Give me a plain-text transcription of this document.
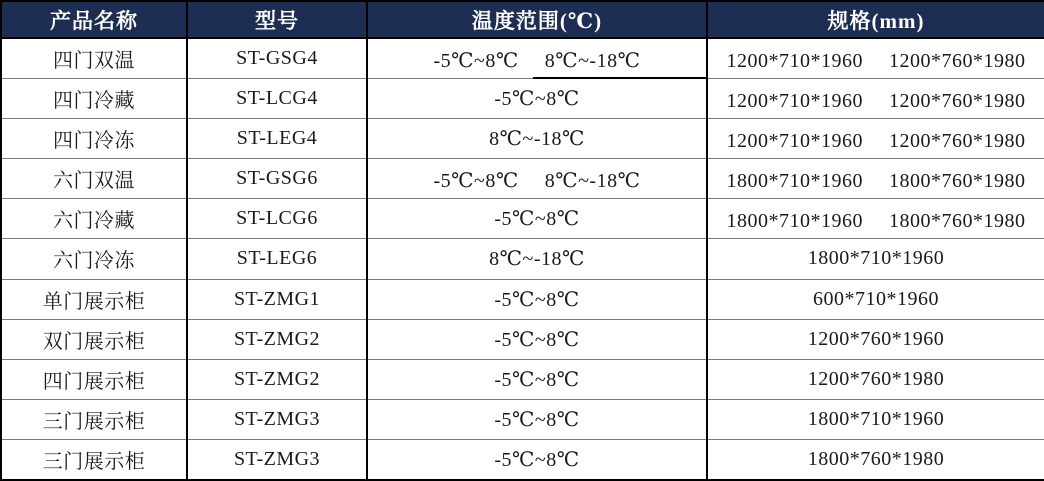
产品名称	型号	温度范围(℃)	规格(mm)
四门双温	ST-GSG4	-5℃~8℃　 8℃~-18℃	1200*710*1960　 1200*760*1980
四门冷藏	ST-LCG4	-5℃~8℃	1200*710*1960　 1200*760*1980
四门冷冻	ST-LEG4	8℃~-18℃	1200*710*1960　 1200*760*1980
六门双温	ST-GSG6	-5℃~8℃　 8℃~-18℃	1800*710*1960　 1800*760*1980
六门冷藏	ST-LCG6	-5℃~8℃	1800*710*1960　 1800*760*1980
六门冷冻	ST-LEG6	8℃~-18℃	1800*710*1960
单门展示柜	ST-ZMG1	-5℃~8℃	600*710*1960
双门展示柜	ST-ZMG2	-5℃~8℃	1200*760*1960
四门展示柜	ST-ZMG2	-5℃~8℃	1200*760*1980
三门展示柜	ST-ZMG3	-5℃~8℃	1800*710*1960
三门展示柜	ST-ZMG3	-5℃~8℃	1800*760*1980
